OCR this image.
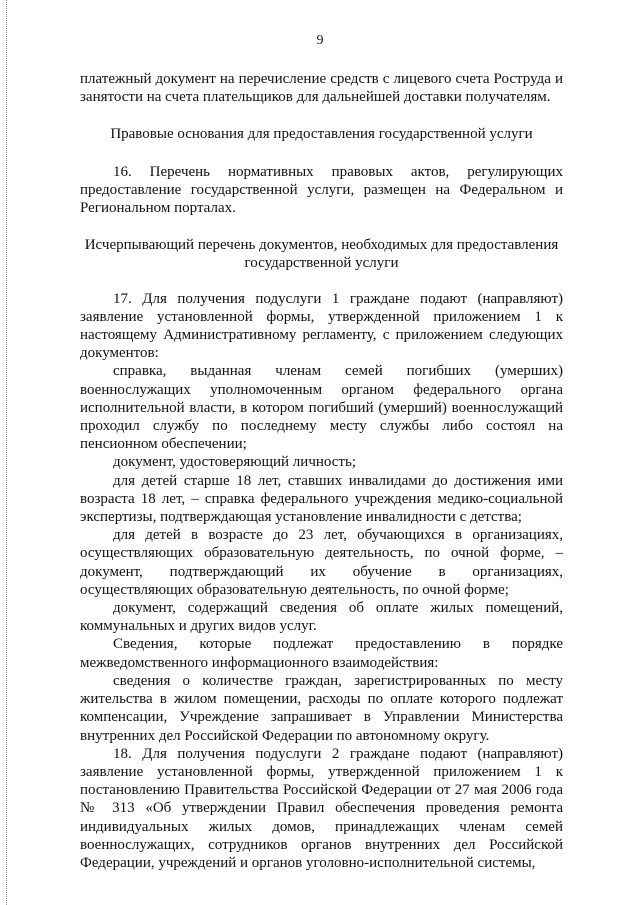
9

платежный документ на перечисление средств с лицевого счета Роструда и занятости на счета плательщиков для дальнейшей доставки получателям.

Правовые основания для предоставления государственной услуги

16. Перечень нормативных правовых актов, регулирующих предоставление государственной услуги, размещен на Федеральном и Региональном порталах.

Исчерпывающий перечень документов, необходимых для предоставления

государственной услуги

17. Для получения подуслуги 1 граждане подают (направляют) заявление установленной формы, утвержденной приложением 1 к настоящему Административному регламенту, с приложением следующих документов:

справка, выданная членам семей погибших (умерших) военнослужащих уполномоченным органом федерального органа исполнительной власти, в котором погибший (умерший) военнослужащий проходил службу по последнему месту службы либо состоял на пенсионном обеспечении;

документ, удостоверяющий личность;

для детей старше 18 лет, ставших инвалидами до достижения ими возраста 18 лет, – справка федерального учреждения медико-социальной экспертизы, подтверждающая установление инвалидности с детства;

для детей в возрасте до 23 лет, обучающихся в организациях, осуществляющих образовательную деятельность, по очной форме, – документ, подтверждающий их обучение в организациях, осуществляющих образовательную деятельность, по очной форме;

документ, содержащий сведения об оплате жилых помещений, коммунальных и других видов услуг.

Сведения, которые подлежат предоставлению в порядке межведомственного информационного взаимодействия:

сведения о количестве граждан, зарегистрированных по месту жительства в жилом помещении, расходы по оплате которого подлежат компенсации, Учреждение запрашивает в Управлении Министерства внутренних дел Российской Федерации по автономному округу.

18. Для получения подуслуги 2 граждане подают (направляют) заявление установленной формы, утвержденной приложением 1 к постановлению Правительства Российской Федерации от 27 мая 2006 года № 313 «Об утверждении Правил обеспечения проведения ремонта индивидуальных жилых домов, принадлежащих членам семей военнослужащих, сотрудников органов внутренних дел Российской Федерации, учреждений и органов уголовно-исполнительной системы,
